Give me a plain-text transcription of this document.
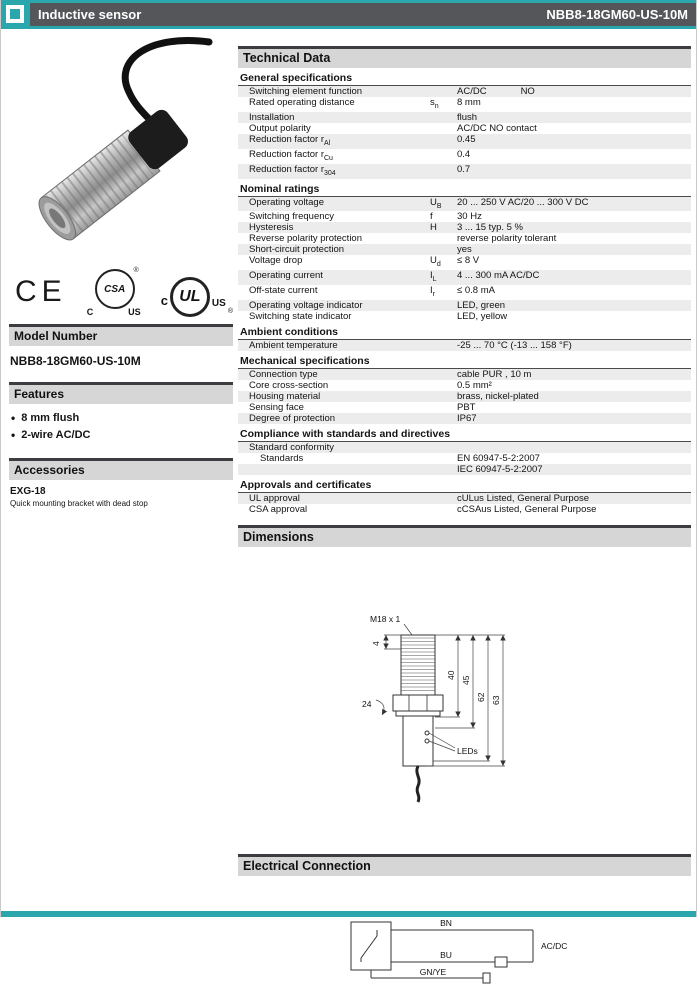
Inductive sensor	NBB8-18GM60-US-10M
CE	CSA
C	US
®
c UL	US
®
Model Number
NBB8-18GM60-US-10M
Features
• 8 mm flush
• 2-wire AC/DC
Accessories
EXG-18
Quick mounting bracket with dead stop
Technical Data
General specifications
Switching element function	AC/DC	NO
Rated operating distance	$s_n$	8 mm
Installation	flush
Output polarity	AC/DC NO contact
Reduction factor $r_{Al}$	0.45
Reduction factor $r_{Cu}$	0.4
Reduction factor $r_{304}$	0.7
Nominal ratings
Operating voltage	$U_B$	20 ... 250 V AC/20 ... 300 V DC
Switching frequency	f	30 Hz
Hysteresis	H	3 ... 15 typ. 5 %
Reverse polarity protection	reverse polarity tolerant
Short-circuit protection	yes
Voltage drop	$U_d$	≤ 8 V
Operating current	$I_L$	4 ... 300 mA AC/DC
Off-state current	$I_r$	≤ 0.8 mA
Operating voltage indicator	LED, green
Switching state indicator	LED, yellow
Ambient conditions
Ambient temperature	-25 ... 70 °C (-13 ... 158 °F)
Mechanical specifications
Connection type	cable PUR , 10 m
Core cross-section	0.5 mm²
Housing material	brass, nickel-plated
Sensing face	PBT
Degree of protection	IP67
Compliance with standards and directives
Standard conformity
Standards	EN 60947-5-2:2007
IEC 60947-5-2:2007
Approvals and certificates
UL approval	cULus Listed, General Purpose
CSA approval	cCSAus Listed, General Purpose
Dimensions
M18 x 1
4
24
40
45
62 63
LEDs
Electrical Connection
BN
BU
AC/DC
GN/YE
